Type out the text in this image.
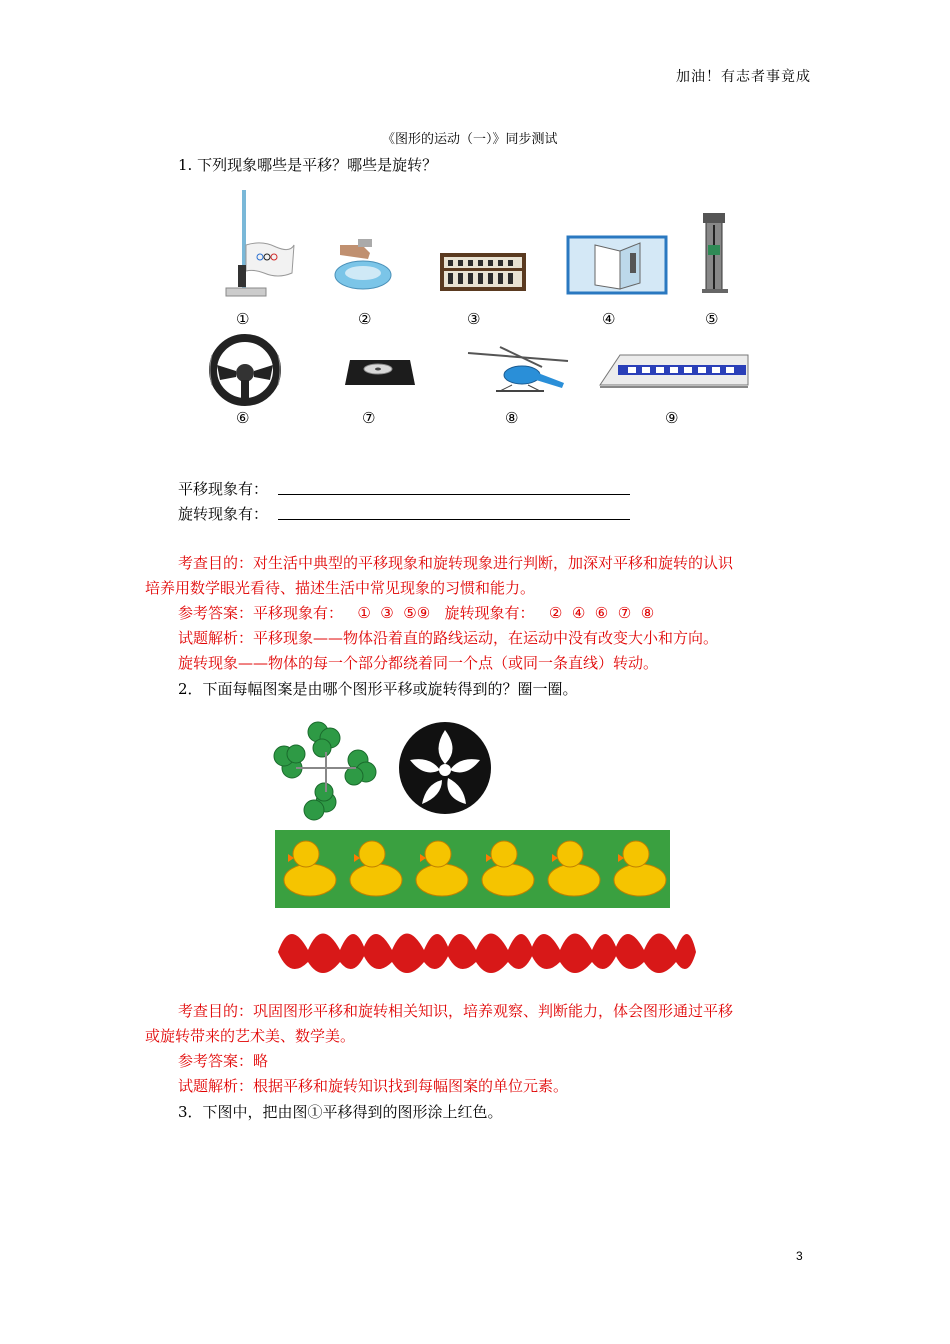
加油！有志者事竟成
《图形的运动（一）》同步测试
1. 下列现象哪些是平移？哪些是旋转？
①	②	③	④	⑤
⑥	⑦	⑧	⑨
平移现象有：
旋转现象有：
考查目的：对生活中典型的平移现象和旋转现象进行判断，加深对平移和旋转的认识
培养用数学眼光看待、描述生活中常见现象的习惯和能力。
参考答案：平移现象有： ①  ③  ⑤⑨ 旋转现象有： ②  ④  ⑥  ⑦  ⑧
试题解析：平移现象——物体沿着直的路线运动，在运动中没有改变大小和方向。
旋转现象——物体的每一个部分都绕着同一个点（或同一条直线）转动。
2．下面每幅图案是由哪个图形平移或旋转得到的？圈一圈。
考查目的：巩固图形平移和旋转相关知识，培养观察、判断能力，体会图形通过平移
或旋转带来的艺术美、数学美。
参考答案：略
试题解析：根据平移和旋转知识找到每幅图案的单位元素。
3．下图中，把由图①平移得到的图形涂上红色。
3
